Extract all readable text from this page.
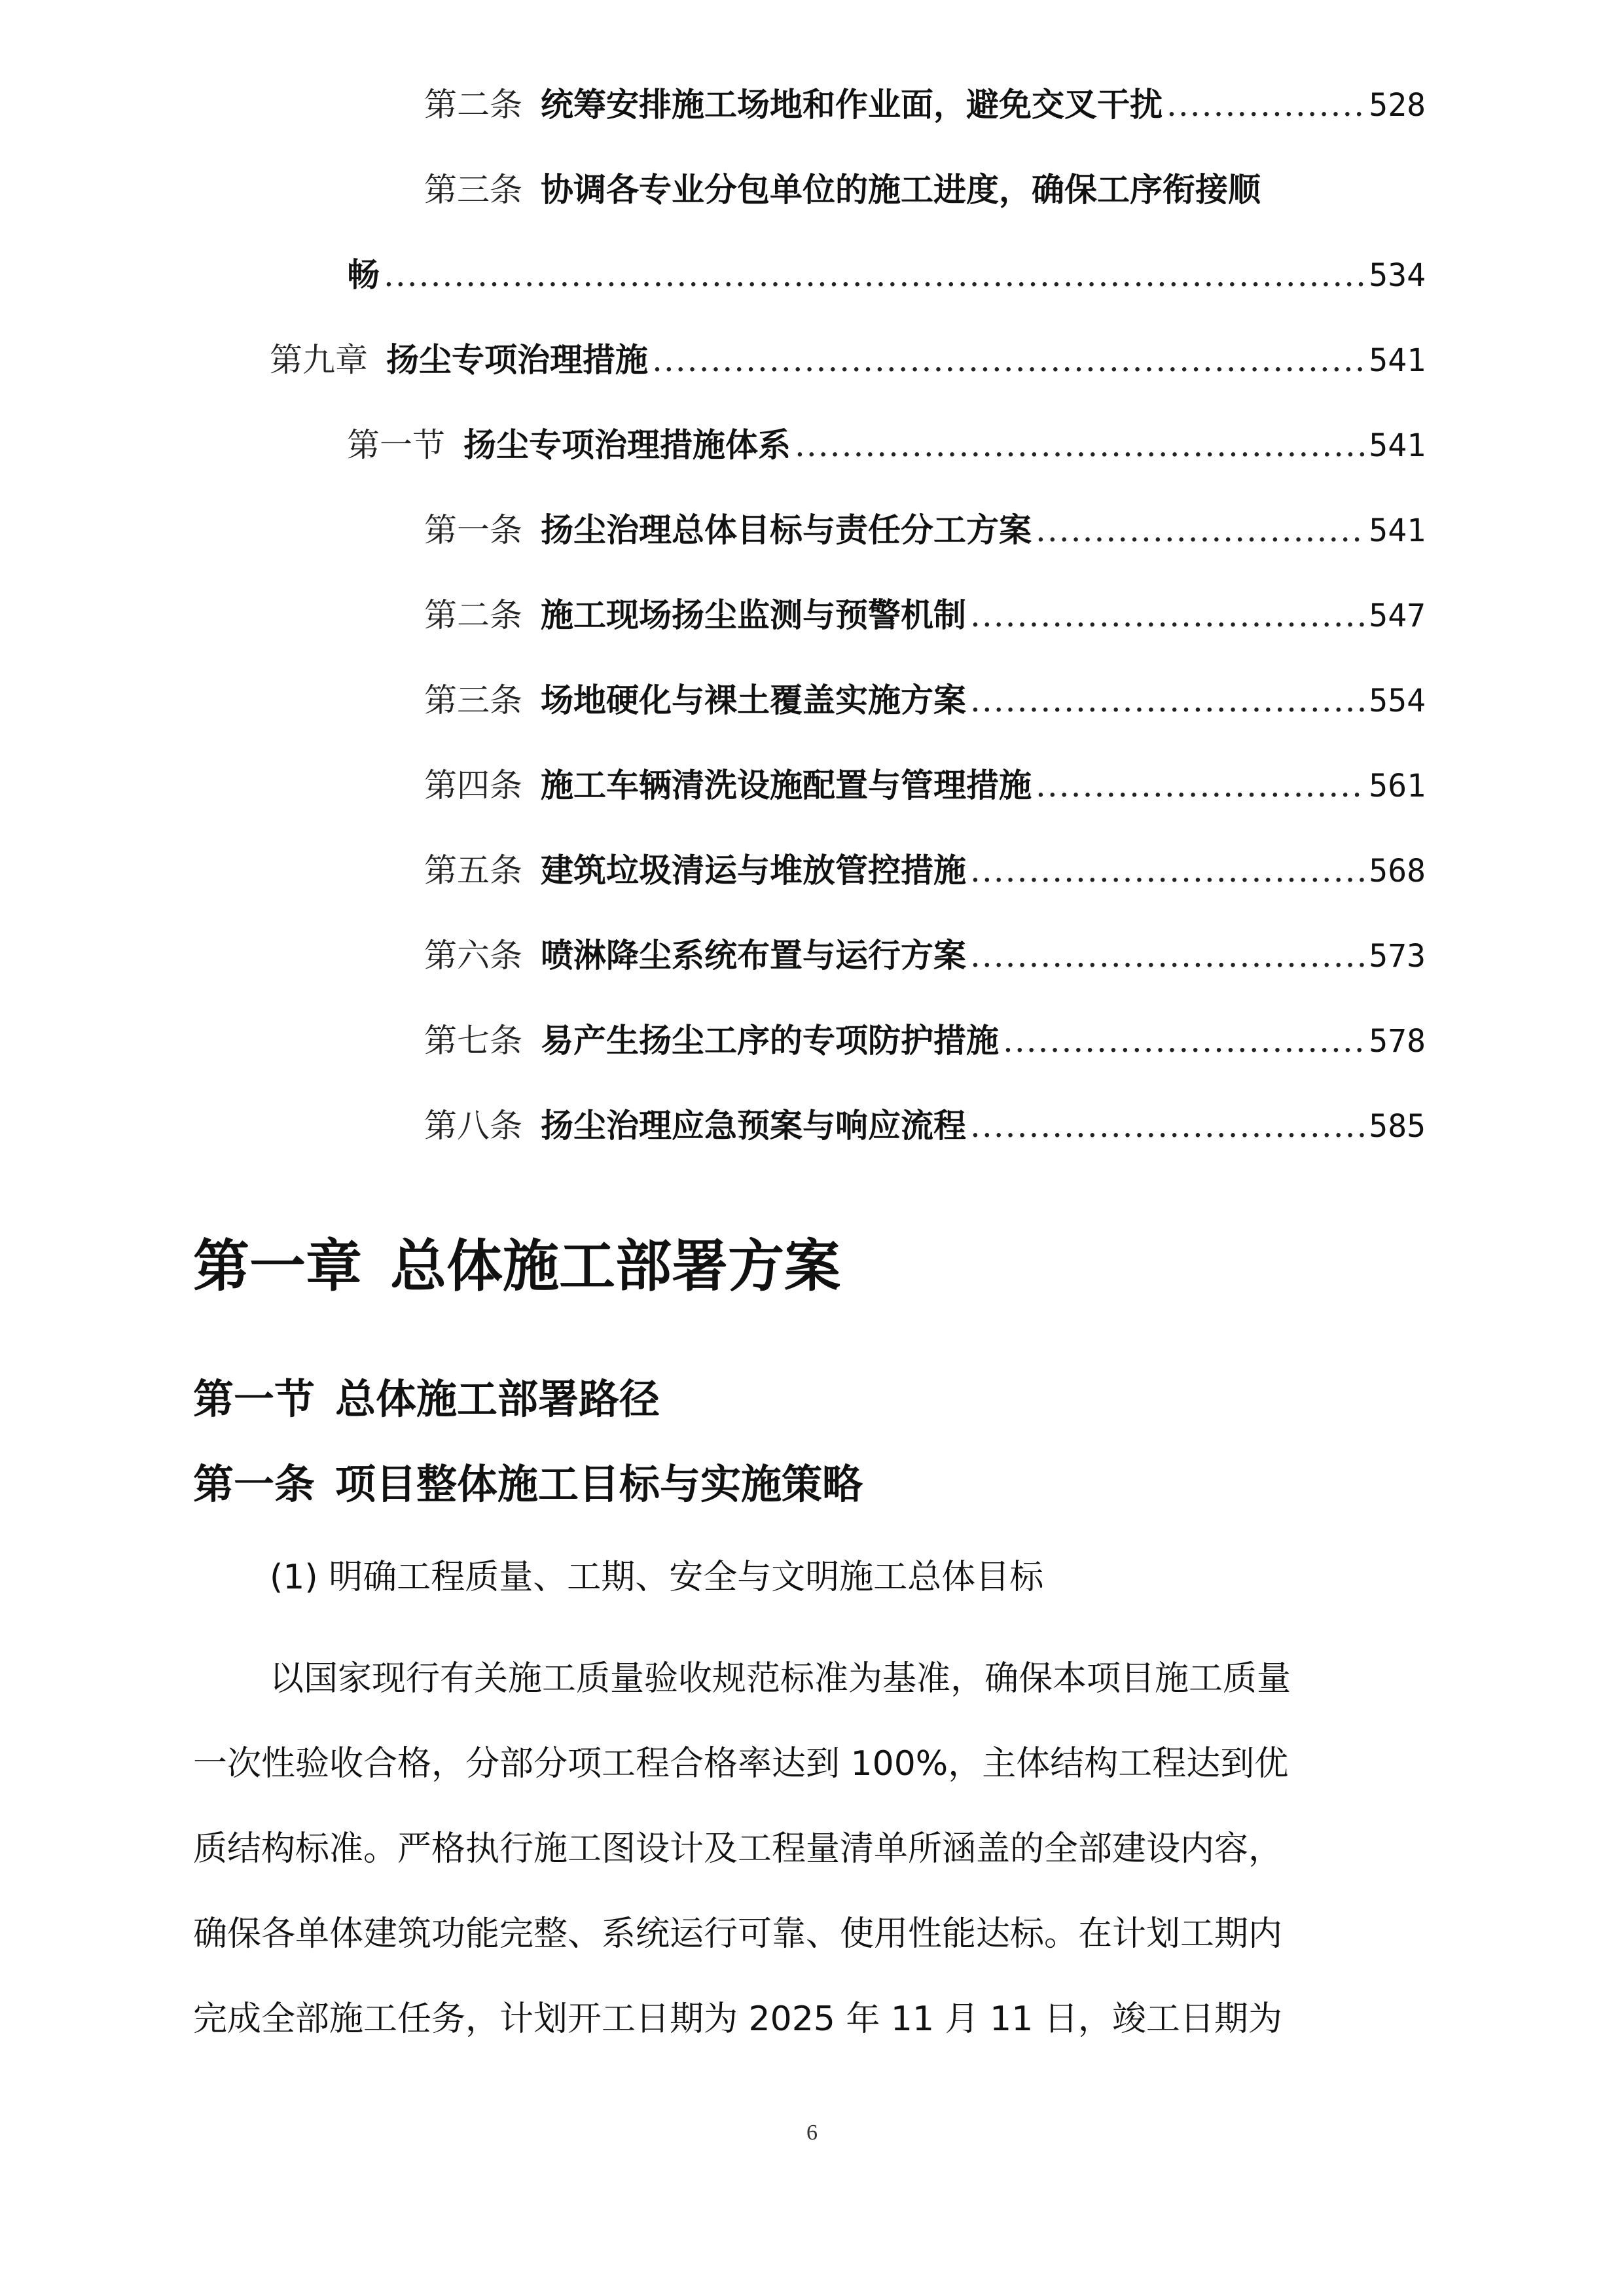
第二条 统筹安排施工场地和作业面，避免交叉干扰 .....	528
第三条 协调各专业分包单位的施工进度，确保工序衔接顺
畅 .....	534
第九章 扬尘专项治理措施 .....	541
第一节 扬尘专项治理措施体系 .....	541
第一条 扬尘治理总体目标与责任分工方案 .....	541
第二条 施工现场扬尘监测与预警机制 .....	547
第三条 场地硬化与裸土覆盖实施方案 .....	554
第四条 施工车辆清洗设施配置与管理措施 .....	561
第五条 建筑垃圾清运与堆放管控措施 .....	568
第六条 喷淋降尘系统布置与运行方案 .....	573
第七条 易产生扬尘工序的专项防护措施 .....	578
第八条 扬尘治理应急预案与响应流程 .....	585
第一章 总体施工部署方案
第一节 总体施工部署路径
第一条 项目整体施工目标与实施策略
(1) 明确工程质量、工期、安全与文明施工总体目标
以国家现行有关施工质量验收规范标准为基准，确保本项目施工质量
一次性验收合格，分部分项工程合格率达到 100%，主体结构工程达到优
质结构标准。严格执行施工图设计及工程量清单所涵盖的全部建设内容，
确保各单体建筑功能完整、系统运行可靠、使用性能达标。在计划工期内
完成全部施工任务，计划开工日期为 2025 年 11 月 11 日，竣工日期为
6
